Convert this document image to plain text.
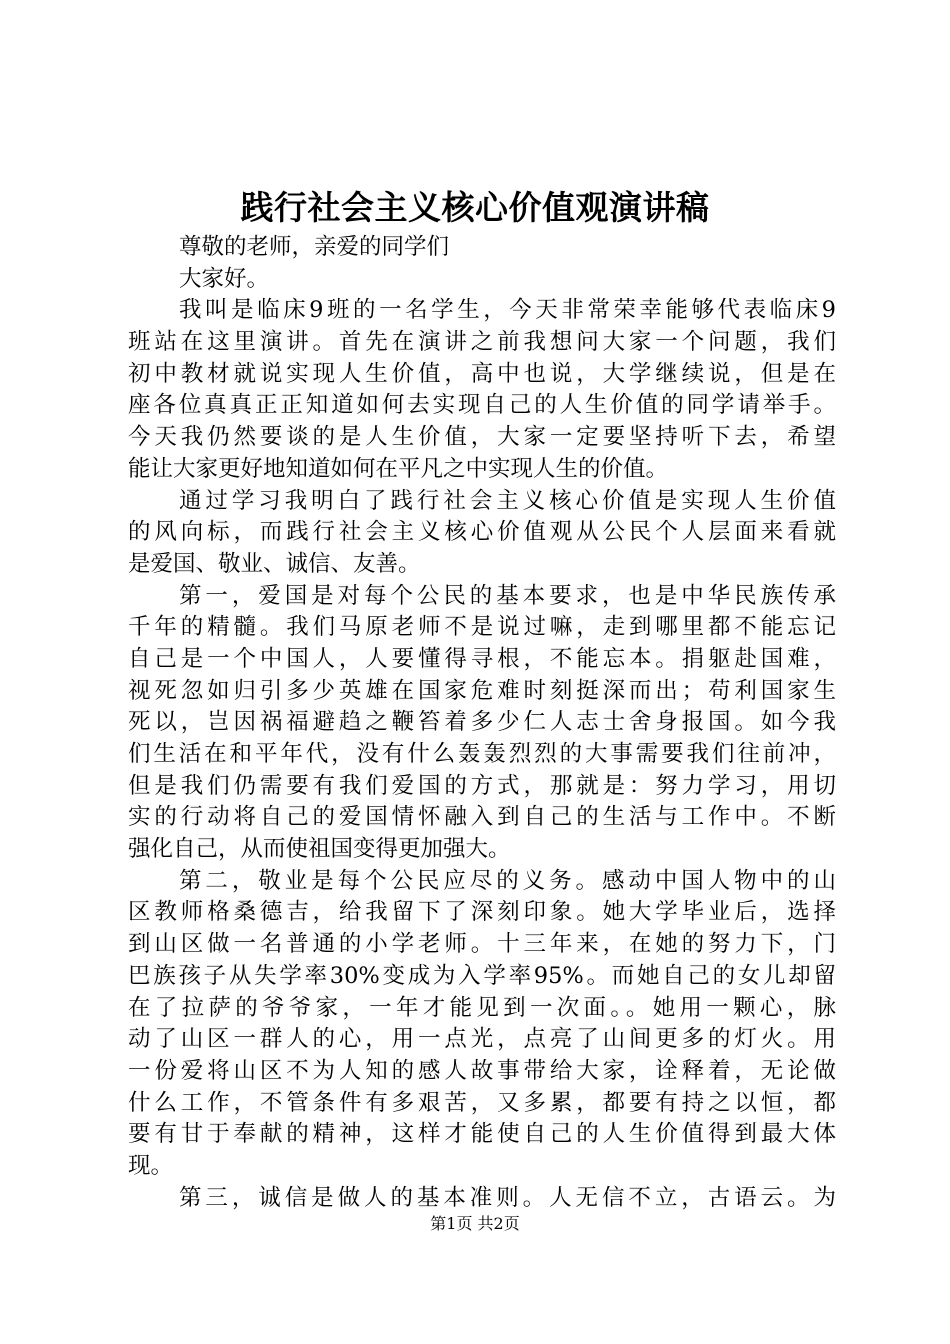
践行社会主义核心价值观演讲稿
尊敬的老师，亲爱的同学们
大家好。
我叫是临床9班的一名学生，今天非常荣幸能够代表临床9
班站在这里演讲。首先在演讲之前我想问大家一个问题，我们
初中教材就说实现人生价值，高中也说，大学继续说，但是在
座各位真真正正知道如何去实现自己的人生价值的同学请举手。
今天我仍然要谈的是人生价值，大家一定要坚持听下去，希望
能让大家更好地知道如何在平凡之中实现人生的价值。
通过学习我明白了践行社会主义核心价值是实现人生价值
的风向标，而践行社会主义核心价值观从公民个人层面来看就
是爱国、敬业、诚信、友善。
第一，爱国是对每个公民的基本要求，也是中华民族传承
千年的精髓。我们马原老师不是说过嘛，走到哪里都不能忘记
自己是一个中国人，人要懂得寻根，不能忘本。捐躯赴国难，
视死忽如归引多少英雄在国家危难时刻挺深而出；苟利国家生
死以，岂因祸福避趋之鞭笞着多少仁人志士舍身报国。如今我
们生活在和平年代，没有什么轰轰烈烈的大事需要我们往前冲，
但是我们仍需要有我们爱国的方式，那就是：努力学习，用切
实的行动将自己的爱国情怀融入到自己的生活与工作中。不断
强化自己，从而使祖国变得更加强大。
第二，敬业是每个公民应尽的义务。感动中国人物中的山
区教师格桑德吉，给我留下了深刻印象。她大学毕业后，选择
到山区做一名普通的小学老师。十三年来，在她的努力下，门
巴族孩子从失学率30%变成为入学率95%。而她自己的女儿却留
在了拉萨的爷爷家，一年才能见到一次面。。她用一颗心，脉
动了山区一群人的心，用一点光，点亮了山间更多的灯火。用
一份爱将山区不为人知的感人故事带给大家，诠释着，无论做
什么工作，不管条件有多艰苦，又多累，都要有持之以恒，都
要有甘于奉献的精神，这样才能使自己的人生价值得到最大体
现。
第三，诚信是做人的基本准则。人无信不立，古语云。为
第1页 共2页
